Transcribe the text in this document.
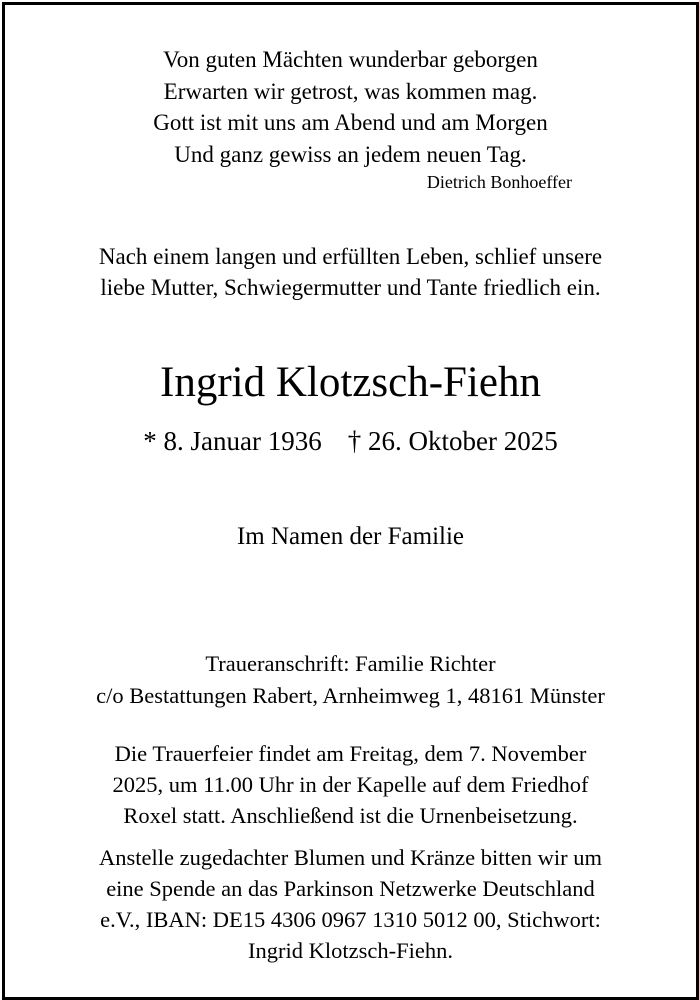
Von guten Mächten wunderbar geborgen
Erwarten wir getrost, was kommen mag.
Gott ist mit uns am Abend und am Morgen
Und ganz gewiss an jedem neuen Tag.
Dietrich Bonhoeffer
Nach einem langen und erfüllten Leben, schlief unsere
liebe Mutter, Schwiegermutter und Tante friedlich ein.
Ingrid Klotzsch-Fiehn
* 8. Januar 1936 † 26. Oktober 2025
Im Namen der Familie
Traueranschrift: Familie Richter
c/o Bestattungen Rabert, Arnheimweg 1, 48161 Münster
Die Trauerfeier findet am Freitag, dem 7. November
2025, um 11.00 Uhr in der Kapelle auf dem Friedhof
Roxel statt. Anschließend ist die Urnenbeisetzung.
Anstelle zugedachter Blumen und Kränze bitten wir um
eine Spende an das Parkinson Netzwerke Deutschland
e.V., IBAN: DE15 4306 0967 1310 5012 00, Stichwort:
Ingrid Klotzsch-Fiehn.
